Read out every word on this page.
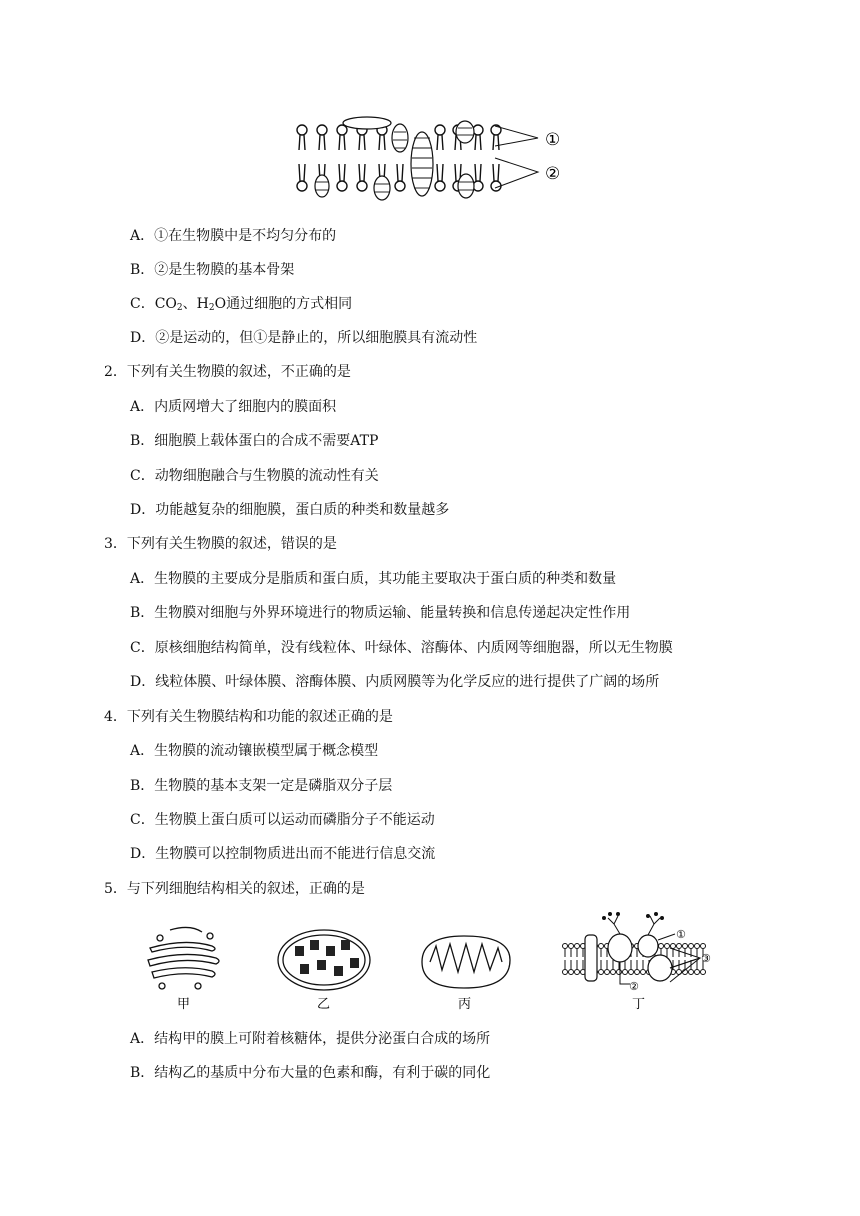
①
②
A．①在生物膜中是不均匀分布的
B．②是生物膜的基本骨架
C．$CO_2$、$H_2O$通过细胞的方式相同
D．②是运动的，但①是静止的，所以细胞膜具有流动性
2．下列有关生物膜的叙述，不正确的是
A．内质网增大了细胞内的膜面积
B．细胞膜上载体蛋白的合成不需要ATP
C．动物细胞融合与生物膜的流动性有关
D．功能越复杂的细胞膜，蛋白质的种类和数量越多
3．下列有关生物膜的叙述，错误的是
A．生物膜的主要成分是脂质和蛋白质，其功能主要取决于蛋白质的种类和数量
B．生物膜对细胞与外界环境进行的物质运输、能量转换和信息传递起决定性作用
C．原核细胞结构简单，没有线粒体、叶绿体、溶酶体、内质网等细胞器，所以无生物膜
D．线粒体膜、叶绿体膜、溶酶体膜、内质网膜等为化学反应的进行提供了广阔的场所
4．下列有关生物膜结构和功能的叙述正确的是
A．生物膜的流动镶嵌模型属于概念模型
B．生物膜的基本支架一定是磷脂双分子层
C．生物膜上蛋白质可以运动而磷脂分子不能运动
D．生物膜可以控制物质进出而不能进行信息交流
5．与下列细胞结构相关的叙述，正确的是
甲	乙	丙
①
②
③
丁
A．结构甲的膜上可附着核糖体，提供分泌蛋白合成的场所
B．结构乙的基质中分布大量的色素和酶，有利于碳的同化
